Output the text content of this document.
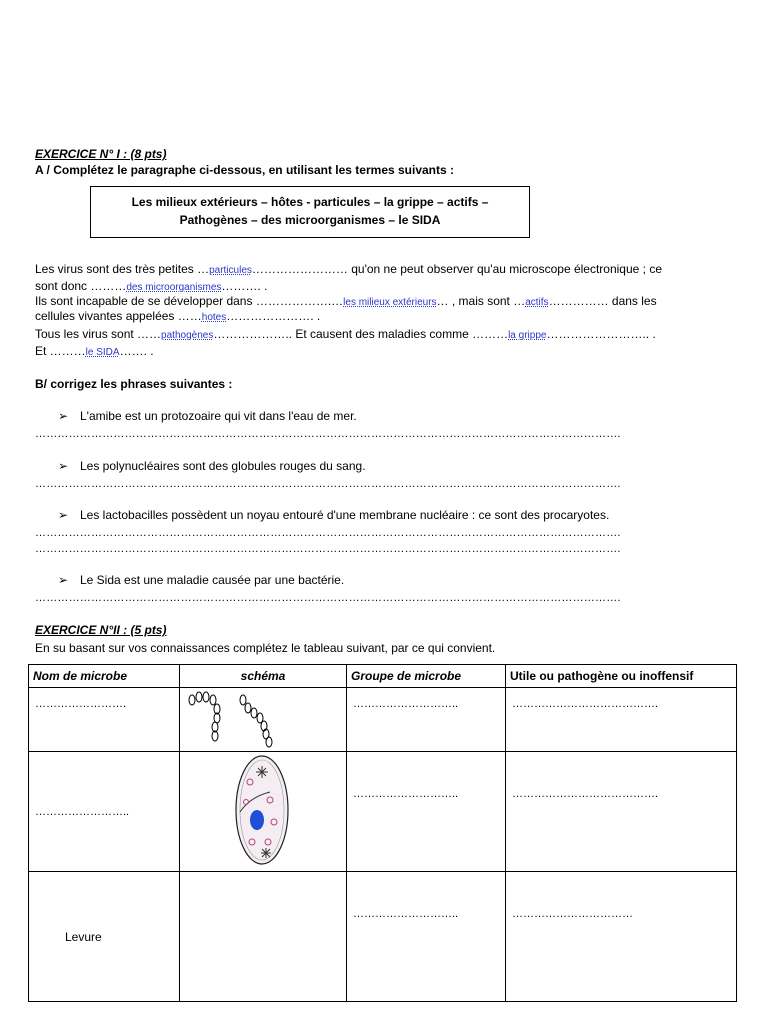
EXERCICE N° I : (8 pts)
A / Complétez le paragraphe ci-dessous, en utilisant les termes suivants :
Les milieux extérieurs – hôtes - particules – la grippe – actifs –
Pathogènes – des microorganismes – le SIDA
Les virus sont des très petites …particules…………………… qu'on ne peut observer qu'au microscope électronique ; ce
sont donc ………des microorganismes………. .
Ils sont incapable de se développer dans ……………….…les milieux extérieurs… , mais sont …actifs…………… dans les
cellules vivantes appelées ……hotes…………………. .
Tous les virus sont ……pathogènes……………….. Et causent des maladies comme ………la grippe…………………….. .
Et ………le SIDA……. .
B/ corrigez les phrases suivantes :
➢ L'amibe est un protozoaire qui vit dans l'eau de mer.
………………………………………………………………………………………………………………………………………….
➢ Les polynucléaires sont des globules rouges du sang.
………………………………………………………………………………………………………………………………………….
➢ Les lactobacilles possèdent un noyau entouré d'une membrane nucléaire : ce sont des procaryotes.
………………………………………………………………………………………………………………………………………….
………………………………………………………………………………………………………………………………………….
➢ Le Sida est une maladie causée par une bactérie.
………………………………………………………………………………………………………………………………………….
EXERCICE N°II : (5 pts)
En su basant sur vos connaissances complétez le tableau suivant, par ce qui convient.
Nom de microbe	schéma	Groupe de microbe	Utile ou pathogène ou inoffensif

…………………….		………………………..	………………………………….

……………………..		………………………..	………………………………….

Levure		………………………..	……………………………
